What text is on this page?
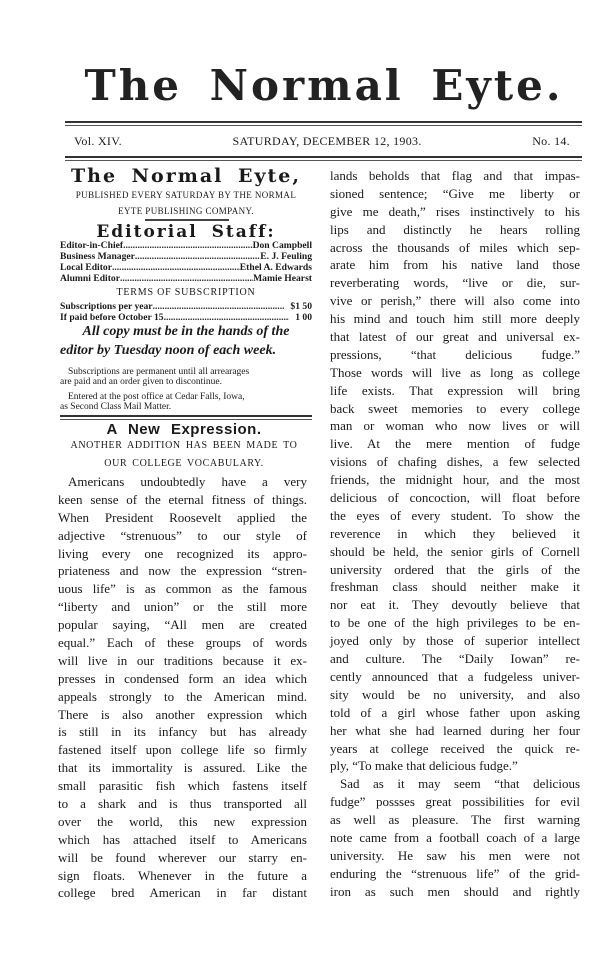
The Normal Eyte.
Vol. XIV.	SATURDAY, DECEMBER 12, 1903.	No. 14.
The Normal Eyte,
PUBLISHED EVERY SATURDAY BY THE NORMAL
EYTE PUBLISHING COMPANY.
Editorial Staff:
Editor-in-Chief .....	Don Campbell
Business Manager .....	E. J. Feuling
Local Editor .....	Ethel A. Edwards
Alumni Editor .....	Mamie Hearst
TERMS OF SUBSCRIPTION
Subscriptions per year .....	$1 50
If paid before October 15 .....	1 00
All copy must be in the hands of the
editor by Tuesday noon of each week.
Subscriptions are permanent until all arrearages
are paid and an order given to discontinue.
Entered at the post office at Cedar Falls, Iowa,
as Second Class Mail Matter.
A New Expression.
ANOTHER ADDITION HAS BEEN MADE TO
OUR COLLEGE VOCABULARY.
Americans undoubtedly have a very
keen sense of the eternal fitness of things.
When President Roosevelt applied the
adjective “strenuous” to our style of
living every one recognized its appro-
priateness and now the expression “stren-
uous life” is as common as the famous
“liberty and union” or the still more
popular saying, “All men are created
equal.” Each of these groups of words
will live in our traditions because it ex-
presses in condensed form an idea which
appeals strongly to the American mind.
There is also another expression which
is still in its infancy but has already
fastened itself upon college life so firmly
that its immortality is assured. Like the
small parasitic fish which fastens itself
to a shark and is thus transported all
over the world, this new expression
which has attached itself to Americans
will be found wherever our starry en-
sign floats. Whenever in the future a
college bred American in far distant
lands beholds that flag and that impas-
sioned sentence; “Give me liberty or
give me death,” rises instinctively to his
lips and distinctly he hears rolling
across the thousands of miles which sep-
arate him from his native land those
reverberating words, “live or die, sur-
vive or perish,” there will also come into
his mind and touch him still more deeply
that latest of our great and universal ex-
pressions, “that delicious fudge.”
Those words will live as long as college
life exists. That expression will bring
back sweet memories to every college
man or woman who now lives or will
live. At the mere mention of fudge
visions of chafing dishes, a few selected
friends, the midnight hour, and the most
delicious of concoction, will float before
the eyes of every student. To show the
reverence in which they believed it
should be held, the senior girls of Cornell
university ordered that the girls of the
freshman class should neither make it
nor eat it. They devoutly believe that
to be one of the high privileges to be en-
joyed only by those of superior intellect
and culture. The “Daily Iowan” re-
cently announced that a fudgeless univer-
sity would be no university, and also
told of a girl whose father upon asking
her what she had learned during her four
years at college received the quick re-
ply, “To make that delicious fudge.”
Sad as it may seem “that delicious
fudge” possses great possibilities for evil
as well as pleasure. The first warning
note came from a football coach of a large
university. He saw his men were not
enduring the “strenuous life” of the grid-
iron as such men should and rightly
